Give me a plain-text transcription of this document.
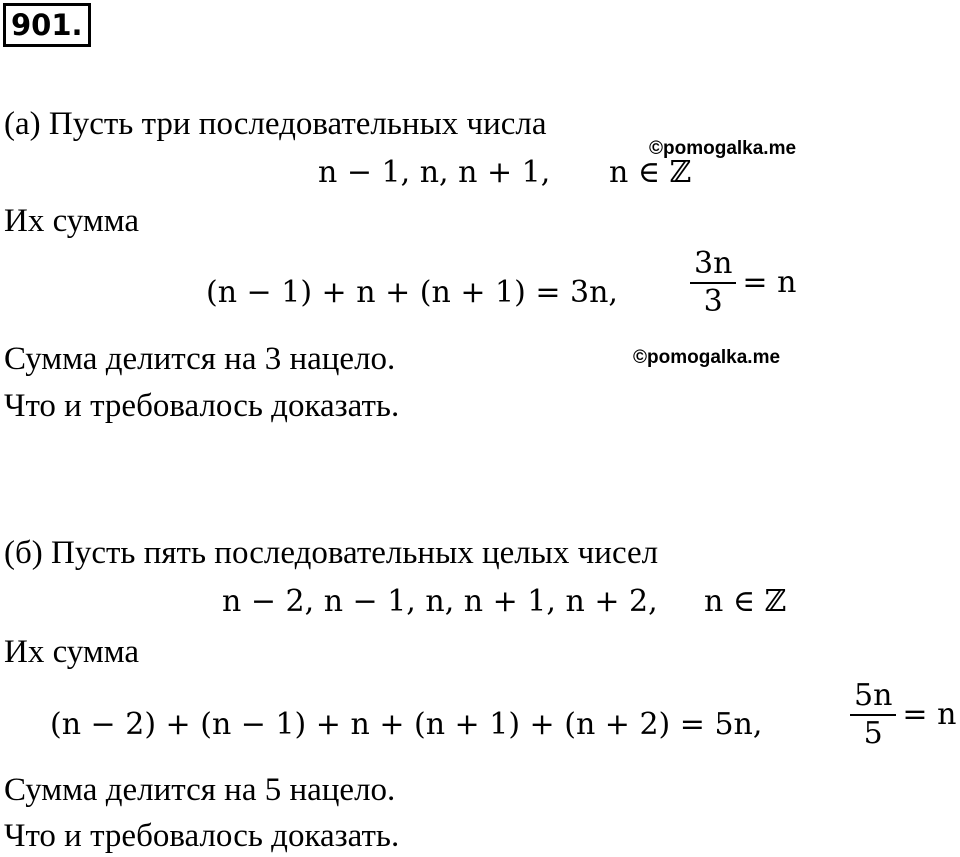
901.
(а) Пусть три последовательных числа
©pomogalka.me
n − 1, n, n + 1, n ∈ ℤ
Их сумма
(n − 1) + n + (n + 1) = 3n, $\frac{3n}{3} = n$
Сумма делится на 3 нацело.	©pomogalka.me
Что и требовалось доказать.
(б) Пусть пять последовательных целых чисел
n − 2, n − 1, n, n + 1, n + 2, n ∈ ℤ
Их сумма
(n − 2) + (n − 1) + n + (n + 1) + (n + 2) = 5n,	$\frac{5n}{5} = n$
Сумма делится на 5 нацело.
Что и требовалось доказать.
